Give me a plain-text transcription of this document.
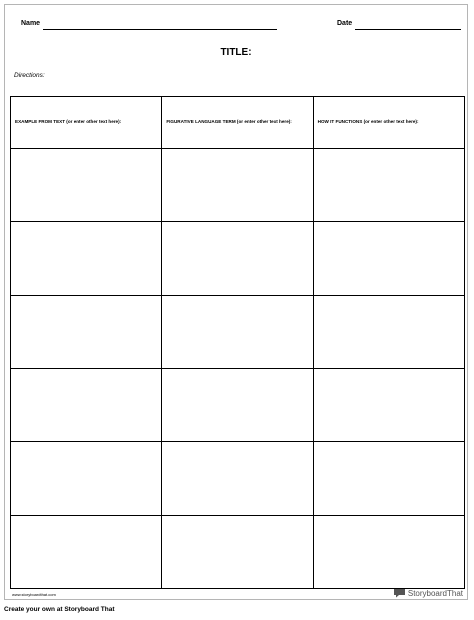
Name	Date
TITLE:
Directions:
EXAMPLE FROM TEXT (or enter other text here):	FIGURATIVE LANGUAGE TERM (or enter other text here):	HOW IT FUNCTIONS (or enter other text here):

www.storyboardthat.com	StoryboardThat
Create your own at Storyboard That
